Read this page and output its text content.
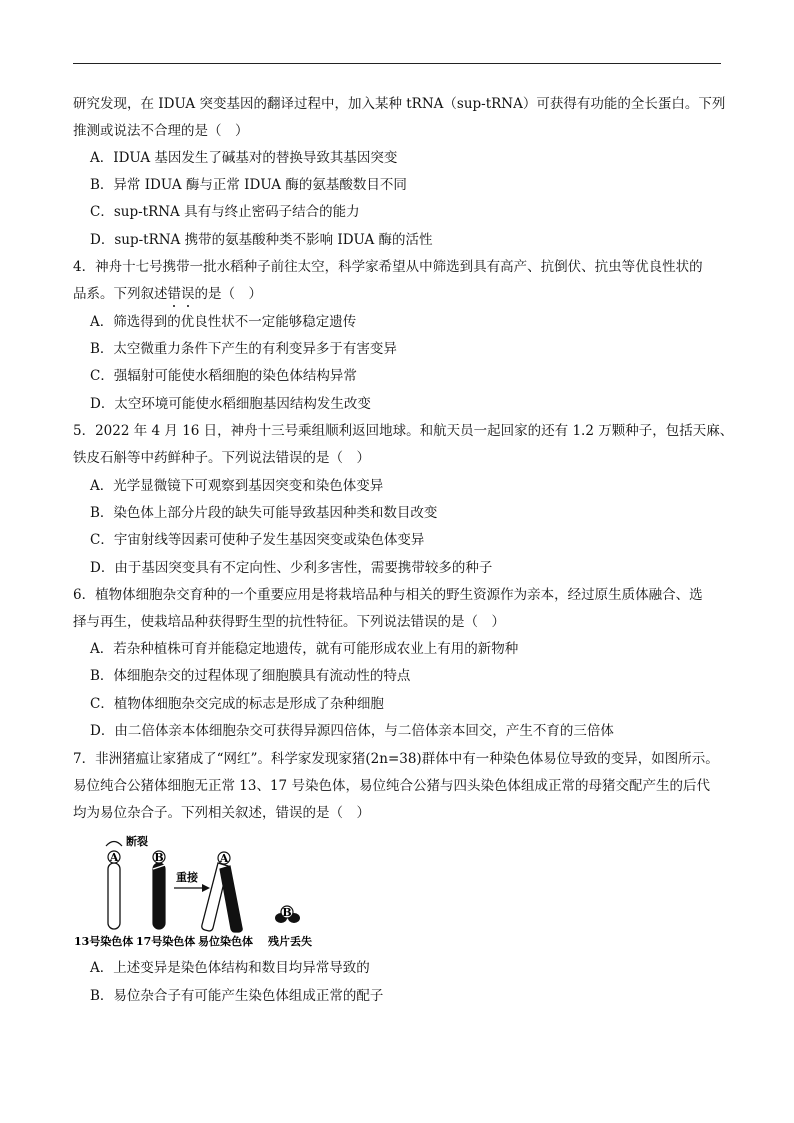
研究发现，在 IDUA 突变基因的翻译过程中，加入某种 tRNA（sup-tRNA）可获得有功能的全长蛋白。下列
推测或说法不合理的是（　）
A．IDUA 基因发生了碱基对的替换导致其基因突变
B．异常 IDUA 酶与正常 IDUA 酶的氨基酸数目不同
C．sup-tRNA 具有与终止密码子结合的能力
D．sup-tRNA 携带的氨基酸种类不影响 IDUA 酶的活性
4．神舟十七号携带一批水稻种子前往太空，科学家希望从中筛选到具有高产、抗倒伏、抗虫等优良性状的
品系。下列叙述错误的是（　）
A．筛选得到的优良性状不一定能够稳定遗传
B．太空微重力条件下产生的有利变异多于有害变异
C．强辐射可能使水稻细胞的染色体结构异常
D．太空环境可能使水稻细胞基因结构发生改变
5．2022 年 4 月 16 日，神舟十三号乘组顺利返回地球。和航天员一起回家的还有 1.2 万颗种子，包括天麻、
铁皮石斛等中药鲜种子。下列说法错误的是（　）
A．光学显微镜下可观察到基因突变和染色体变异
B．染色体上部分片段的缺失可能导致基因种类和数目改变
C．宇宙射线等因素可使种子发生基因突变或染色体变异
D．由于基因突变具有不定向性、少利多害性，需要携带较多的种子
6．植物体细胞杂交育种的一个重要应用是将栽培品种与相关的野生资源作为亲本，经过原生质体融合、选
择与再生，使栽培品种获得野生型的抗性特征。下列说法错误的是（　）
A．若杂种植株可育并能稳定地遗传，就有可能形成农业上有用的新物种
B．体细胞杂交的过程体现了细胞膜具有流动性的特点
C．植物体细胞杂交完成的标志是形成了杂种细胞
D．由二倍体亲本体细胞杂交可获得异源四倍体，与二倍体亲本回交，产生不育的三倍体
7．非洲猪瘟让家猪成了“网红”。科学家发现家猪(2n=38)群体中有一种染色体易位导致的变异，如图所示。
易位纯合公猪体细胞无正常 13、17 号染色体，易位纯合公猪与四头染色体组成正常的母猪交配产生的后代
均为易位杂合子。下列相关叙述，错误的是（　）
A
断裂
B
重接
A
B
13号染色体 17号染色体 易位染色体 残片丢失
A．上述变异是染色体结构和数目均异常导致的
B．易位杂合子有可能产生染色体组成正常的配子
